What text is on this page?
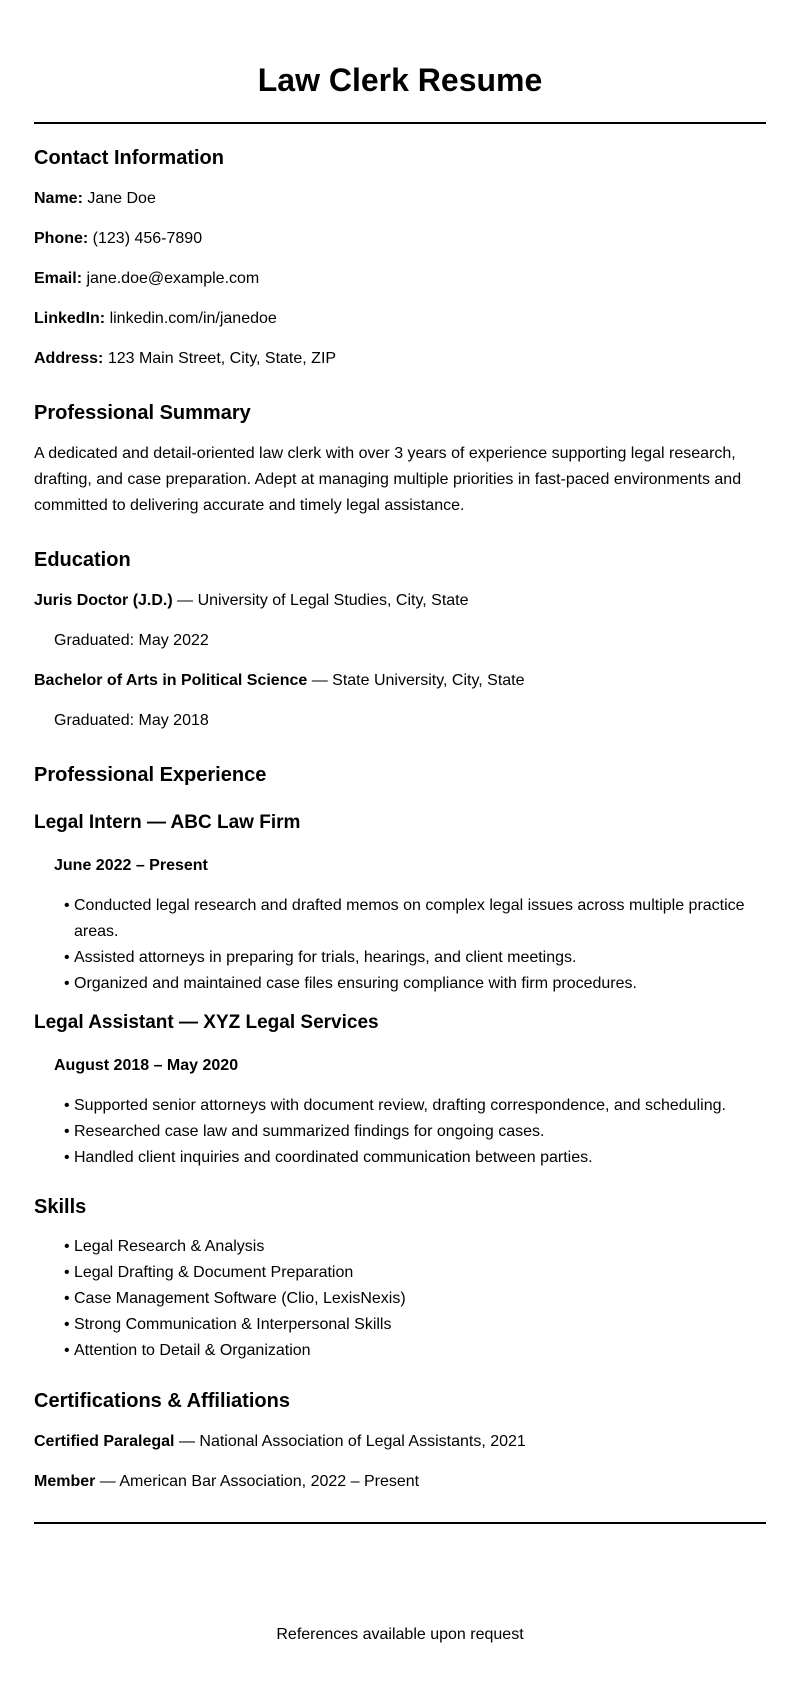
Law Clerk Resume
Contact Information

Name: Jane Doe

Phone: (123) 456-7890

Email: jane.doe@example.com

LinkedIn: linkedin.com/in/janedoe

Address: 123 Main Street, City, State, ZIP

Professional Summary

A dedicated and detail-oriented law clerk with over 3 years of experience supporting legal research, drafting, and case preparation. Adept at managing multiple priorities in fast-paced environments and committed to delivering accurate and timely legal assistance.

Education

Juris Doctor (J.D.) — University of Legal Studies, City, State

Graduated: May 2022

Bachelor of Arts in Political Science — State University, City, State

Graduated: May 2018

Professional Experience
Legal Intern — ABC Law Firm

June 2022 – Present

• Conducted legal research and drafted memos on complex legal issues across multiple practice areas.
• Assisted attorneys in preparing for trials, hearings, and client meetings.
• Organized and maintained case files ensuring compliance with firm procedures.
Legal Assistant — XYZ Legal Services

August 2018 – May 2020

• Supported senior attorneys with document review, drafting correspondence, and scheduling.
• Researched case law and summarized findings for ongoing cases.
• Handled client inquiries and coordinated communication between parties.
Skills
• Legal Research & Analysis
• Legal Drafting & Document Preparation
• Case Management Software (Clio, LexisNexis)
• Strong Communication & Interpersonal Skills
• Attention to Detail & Organization
Certifications & Affiliations

Certified Paralegal — National Association of Legal Assistants, 2021

Member — American Bar Association, 2022 – Present

References available upon request
